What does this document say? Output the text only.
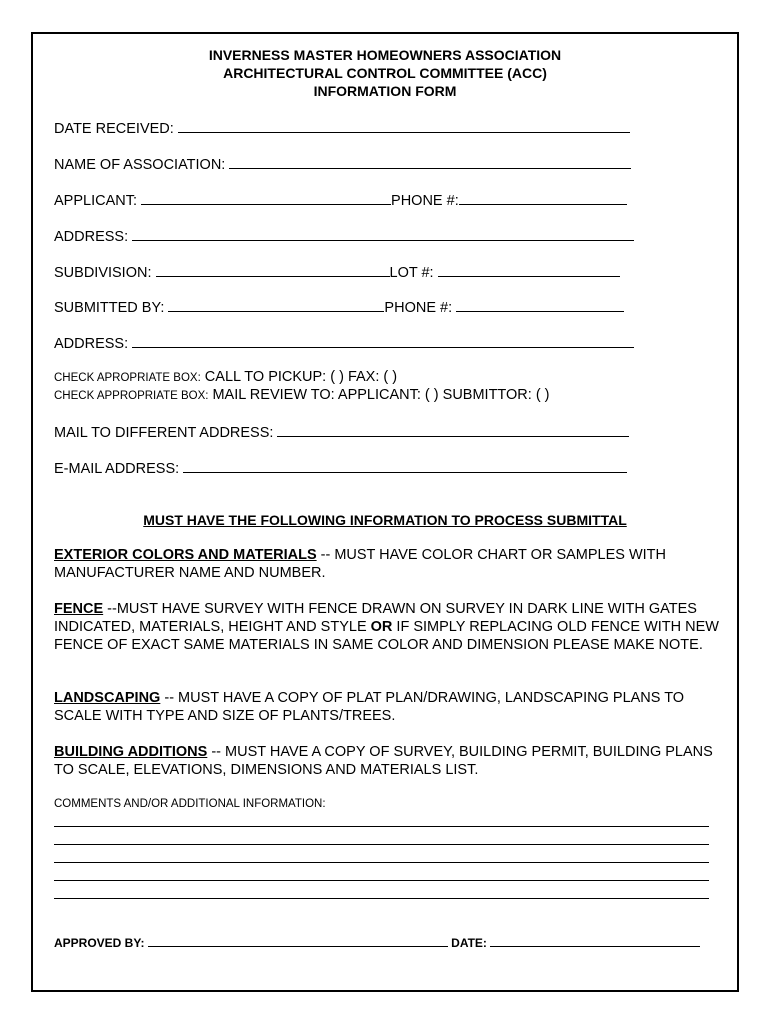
INVERNESS MASTER HOMEOWNERS ASSOCIATION
ARCHITECTURAL CONTROL COMMITTEE (ACC)
INFORMATION FORM
DATE RECEIVED:
NAME OF ASSOCIATION:
APPLICANT:	PHONE #:
ADDRESS:
SUBDIVISION:	LOT #:
SUBMITTED BY:	PHONE #:
ADDRESS:
CHECK APROPRIATE BOX: CALL TO PICKUP: ( ) FAX: ( )
CHECK APPROPRIATE BOX: MAIL REVIEW TO: APPLICANT: ( ) SUBMITTOR: ( )
MAIL TO DIFFERENT ADDRESS:
E-MAIL ADDRESS:
MUST HAVE THE FOLLOWING INFORMATION TO PROCESS SUBMITTAL
EXTERIOR COLORS AND MATERIALS -- MUST HAVE COLOR CHART OR SAMPLES WITH MANUFACTURER NAME AND NUMBER.
FENCE --MUST HAVE SURVEY WITH FENCE DRAWN ON SURVEY IN DARK LINE WITH GATES INDICATED, MATERIALS, HEIGHT AND STYLE OR IF SIMPLY REPLACING OLD FENCE WITH NEW FENCE OF EXACT SAME MATERIALS IN SAME COLOR AND DIMENSION PLEASE MAKE NOTE.
LANDSCAPING -- MUST HAVE A COPY OF PLAT PLAN/DRAWING, LANDSCAPING PLANS TO SCALE WITH TYPE AND SIZE OF PLANTS/TREES.
BUILDING ADDITIONS -- MUST HAVE A COPY OF SURVEY, BUILDING PERMIT, BUILDING PLANS TO SCALE, ELEVATIONS, DIMENSIONS AND MATERIALS LIST.
COMMENTS AND/OR ADDITIONAL INFORMATION:
APPROVED BY:	DATE:
